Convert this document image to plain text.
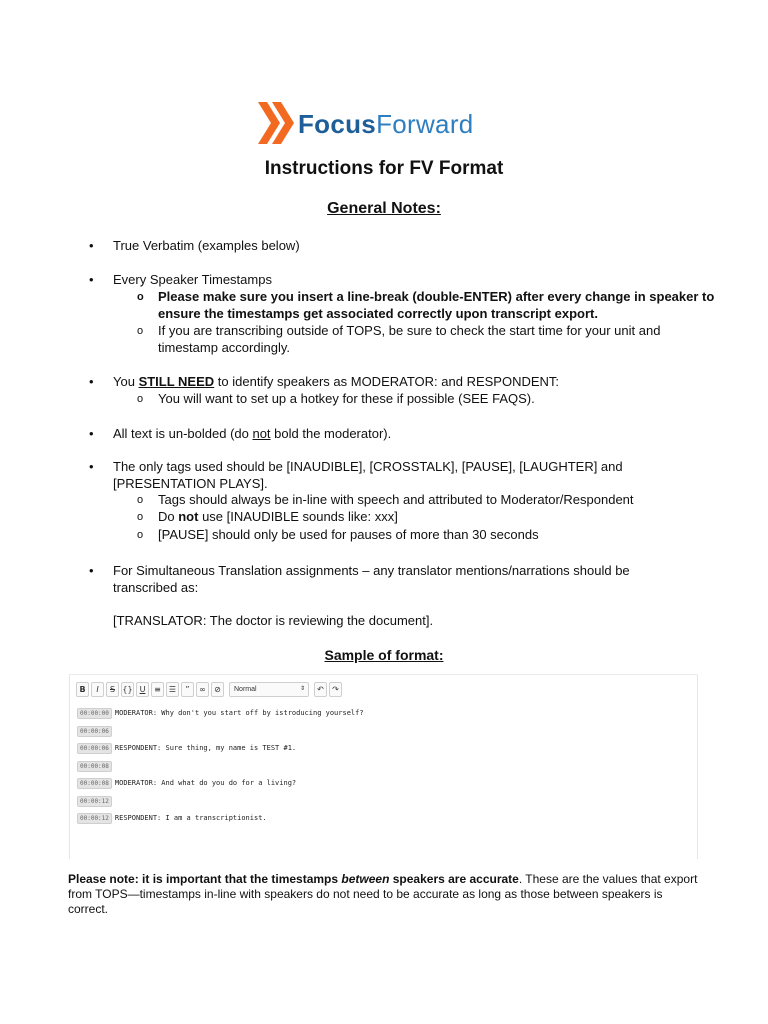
FocusForward
Instructions for FV Format
General Notes:
• True Verbatim (examples below)
• Every Speaker Timestamps
o Please make sure you insert a line-break (double-ENTER) after every change in speaker to ensure the timestamps get associated correctly upon transcript export.
o If you are transcribing outside of TOPS, be sure to check the start time for your unit and timestamp accordingly.
• You STILL NEED to identify speakers as MODERATOR: and RESPONDENT:
o You will want to set up a hotkey for these if possible (SEE FAQS).
• All text is un-bolded (do not bold the moderator).
• The only tags used should be [INAUDIBLE], [CROSSTALK], [PAUSE], [LAUGHTER] and [PRESENTATION PLAYS].
o Tags should always be in-line with speech and attributed to Moderator/Respondent
o Do not use [INAUDIBLE sounds like: xxx]
o [PAUSE] should only be used for pauses of more than 30 seconds
• For Simultaneous Translation assignments – any translator mentions/narrations should be transcribed as:
[TRANSLATOR: The doctor is reviewing the document].
Sample of format:
B	I	S {} U	≡	☰	”	∞	⊘	Normal	⇕	↶	↷
00:00:00 MODERATOR: Why don't you start off by istroducing yourself?
00:00:06
00:00:06 RESPONDENT: Sure thing, my name is TEST #1.
00:00:08
00:00:08 MODERATOR: And what do you do for a living?
00:00:12
00:00:12 RESPONDENT: I am a transcriptionist.
Please note: it is important that the timestamps between speakers are accurate. These are the values that export from TOPS—timestamps in-line with speakers do not need to be accurate as long as those between speakers is correct.
